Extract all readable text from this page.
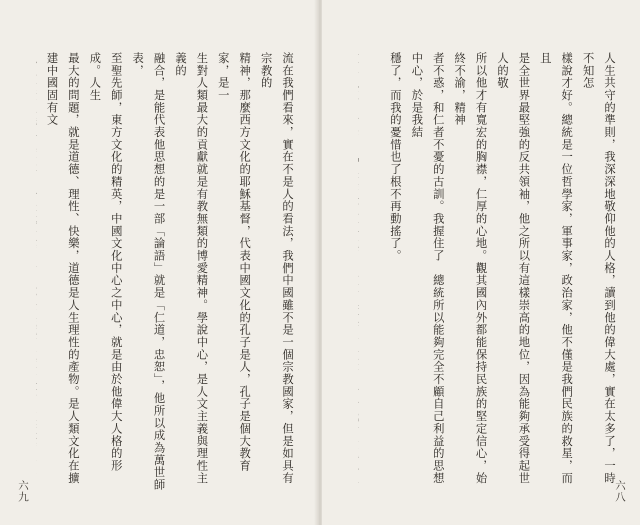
流在我們看來，實在不是人的看法，我們中國雖不是一個宗教國家，但是如具有宗教的
精神，那麼西方文化的耶穌基督，代表中國文化的孔子是人，孔子是個大教育家，是一
生對人類最大的貢獻就是有教無類的博愛精神。學說中心，是人文主義與理性主義的
融合，是能代表他思想的是一部「論語」就是「仁道，忠恕」，他所以成為萬世師表，
至聖先師，東方文化的精英，中國文化中心之中心，就是由於他偉大人格的形成。人生
最大的問題，就是道德、理性、快樂，道德是人生理性的產物。是人類文化在擴建中國固有文

六九
人生共守的準則，我深深地敬仰他的人格，讀到他的偉大處，實在太多了，一時不知怎
樣說才好。總統是一位哲學家，軍事家，政治家，他不僅是我們民族的救星，而且
是全世界最堅強的反共領袖，他之所以有這樣崇高的地位，因為能夠承受得起世人的敬
所以他才有寬宏的胸襟，仁厚的心地。觀其國內外都能保持民族的堅定信心，始終不渝，精神
者不惑，和仁者不憂的古訓。我握住了　總統所以能夠完全不顧自己利益的思想中心，於是我結
穩了，而我的憂惜也了根不再動搖了。

六八
